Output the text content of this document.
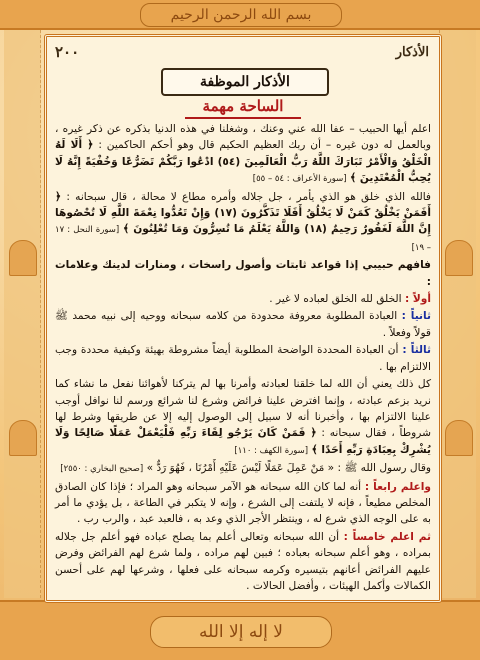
بسم الله الرحمن الرحيم
لا إله إلا الله
٢٠٠	الأذكار
الأذكار الموظفة
الساحة مهمة

اعلم أيها الحبيب – عفا الله عني وعنك ، وشغلنا في هذه الدنيا بذكره عن ذكر غيره ، وبالعمل له دون غيره – أن ربك العظيم الحكيم قال وهو أحكم الحاكمين : ﴿ أَلَا لَهُ الْخَلْقُ وَالْأَمْرُ تَبَارَكَ اللَّهُ رَبُّ الْعَالَمِينَ (٥٤) ادْعُوا رَبَّكُمْ تَضَرُّعًا وَخُفْيَةً إِنَّهُ لَا يُحِبُّ الْمُعْتَدِينَ ﴾ [سورة الأعراف : ٥٤ – ٥٥]

فالله الذي خلق هو الذي يأمر ، جل جلاله وأمره مطاع لا محالة ، قال سبحانه : ﴿ أَفَمَنْ يَخْلُقُ كَمَنْ لَا يَخْلُقُ أَفَلَا تَذَكَّرُونَ (١٧) وَإِنْ تَعُدُّوا نِعْمَةَ اللَّهِ لَا تُحْصُوهَا إِنَّ اللَّهَ لَغَفُورٌ رَحِيمٌ (١٨) وَاللَّهُ يَعْلَمُ مَا تُسِرُّونَ وَمَا تُعْلِنُونَ ﴾ [سورة النحل : ١٧ – ١٩]

فافهم حبيبي إذا قواعد ثابتات وأصول راسخات ، ومنارات لدينك وعلامات :

أولاً : الخلق لله الخلق لعباده لا غير .

ثانياً : العبادة المطلوبة معروفة محدودة من كلامه سبحانه ووحيه إلى نبيه محمد ﷺ قولاً وفعلاً .

ثالثاً : أن العبادة المحددة الواضحة المطلوبة أيضاً مشروطة بهيئة وكيفية محددة وجب الالتزام بها .

كل ذلك يعني أن الله لما خلقنا لعبادته وأمرنا بها لم يتركنا لأهوائنا نفعل ما نشاء كما نريد بزعم عبادته ، وإنما افترض علينا فرائض وشرع لنا شرائع ورسم لنا نوافل أوجب علينا الالتزام بها ، وأخبرنا أنه لا سبيل إلى الوصول إليه إلا عن طريقها وشرط لها شروطاً ، فقال سبحانه : ﴿ فَمَنْ كَانَ يَرْجُو لِقَاءَ رَبِّهِ فَلْيَعْمَلْ عَمَلًا صَالِحًا وَلَا يُشْرِكْ بِعِبَادَةِ رَبِّهِ أَحَدًا ﴾ [سورة الكهف : ١١٠]

وقال رسول الله ﷺ : « مَنْ عَمِلَ عَمَلًا لَيْسَ عَلَيْهِ أَمْرُنَا ، فَهُوَ رَدٌّ » [صحيح البخاري : ٢٥٥٠]

واعلم رابعاً : أنه لما كان الله سبحانه هو الآمر سبحانه وهو المراد ؛ فإذا كان الصادق المخلص مطيعاً ، فإنه لا يلتفت إلى الشرع ، وإنه لا يتكبر في الطاعة ، بل يؤدي ما أمر به على الوجه الذي شرع له ، وينتظر الأجر الذي وعد به ، فالعبد عبد ، والرب رب .

ثم اعلم خامساً : أن الله سبحانه وتعالى أعلم بما يصلح عباده فهو أعلم جل جلاله بمراده ، وهو أعلم سبحانه بعباده ؛ فبين لهم مراده ، ولما شرع لهم الفرائض وفرض عليهم الفرائض أعانهم بتيسيره وكرمه سبحانه على فعلها ، وشرعها لهم على أحسن الكمالات وأكمل الهيئات ، وأفضل الحالات .
